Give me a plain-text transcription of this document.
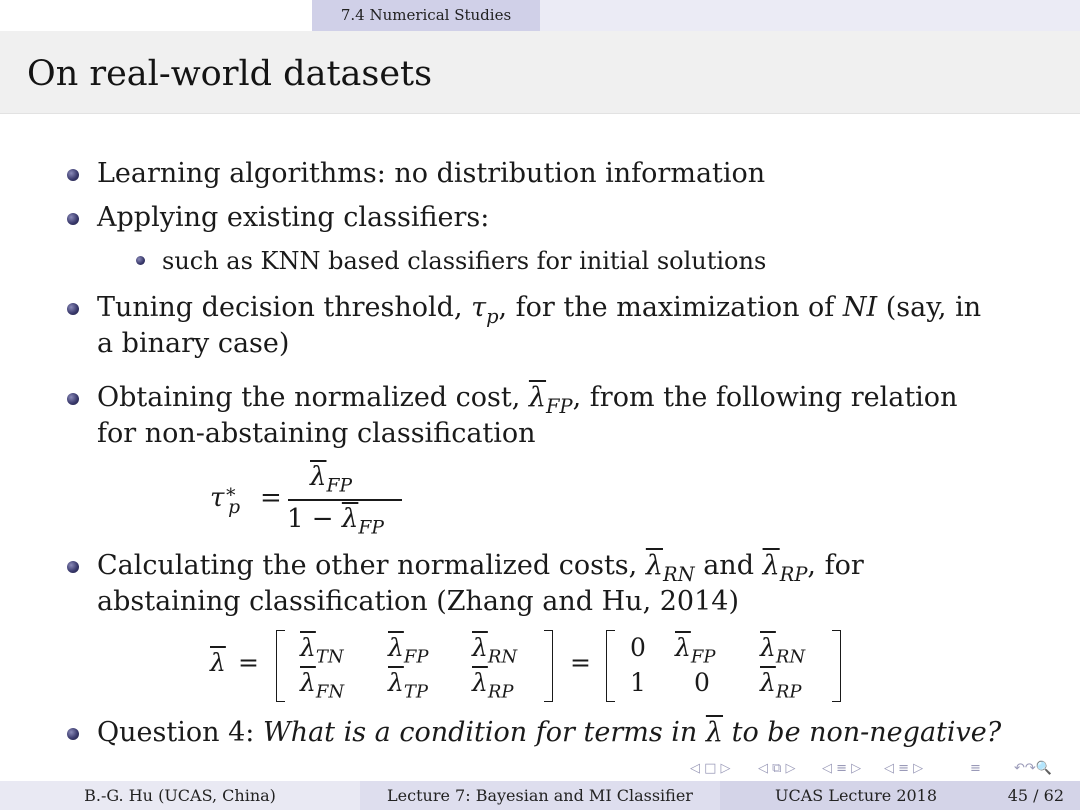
7.4 Numerical Studies
On real-world datasets
Learning algorithms: no distribution information
Applying existing classifiers:
such as KNN based classifiers for initial solutions
Tuning decision threshold, $\tau_p$, for the maximization of NI (say, in
a binary case)
Obtaining the normalized cost, $\overline{\lambda}_{FP}$, from the following relation
for non-abstaining classification
$\tau^∗_p$ =
$\overline{\lambda}_{FP}$
$1 - \overline{\lambda}_{FP}$
Calculating the other normalized costs, $\overline{\lambda}_{RN}$ and $\overline{\lambda}_{RP}$, for
abstaining classification (Zhang and Hu, 2014)
$\overline{\lambda}$ =
$\overline{\lambda}_{TN}$ $\overline{\lambda}_{FP}$ $\overline{\lambda}_{RN}$
$\overline{\lambda}_{FN}$ $\overline{\lambda}_{TP}$ $\overline{\lambda}_{RP}$
=
0 $\overline{\lambda}_{FP}$ $\overline{\lambda}_{RN}$
1 0 $\overline{\lambda}_{RP}$
Question 4: What is a condition for terms in $\overline{\lambda}$ to be non-negative?
◁ □ ▷ ◁ ⧉ ▷ ◁ ≡ ▷ ◁ ≡ ▷	≡	↶↷🔍
B.-G. Hu (UCAS, China)	Lecture 7: Bayesian and MI Classifier	UCAS Lecture 2018	45 / 62
